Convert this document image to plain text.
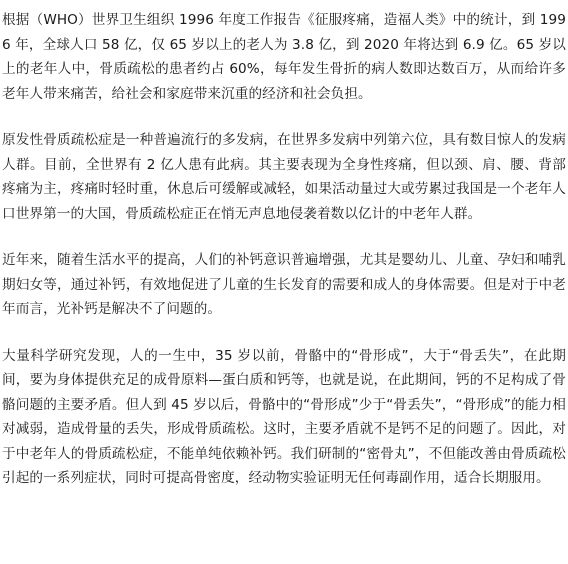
根据（WHO）世界卫生组织 1996 年度工作报告《征服疼痛，造福人类》中的统计，到 1996 年，全球人口 58 亿，仅 65 岁以上的老人为 3.8 亿，到 2020 年将达到 6.9 亿。65 岁以上的老年人中，骨质疏松的患者约占 60%，每年发生骨折的病人数即达数百万，从而给许多老年人带来痛苦，给社会和家庭带来沉重的经济和社会负担。

原发性骨质疏松症是一种普遍流行的多发病，在世界多发病中列第六位，具有数目惊人的发病人群。目前，全世界有 2 亿人患有此病。其主要表现为全身性疼痛，但以颈、肩、腰、背部疼痛为主，疼痛时轻时重，休息后可缓解或减轻，如果活动量过大或劳累过我国是一个老年人口世界第一的大国，骨质疏松症正在悄无声息地侵袭着数以亿计的中老年人群。

近年来，随着生活水平的提高，人们的补钙意识普遍增强，尤其是婴幼儿、儿童、孕妇和哺乳期妇女等，通过补钙，有效地促进了儿童的生长发育的需要和成人的身体需要。但是对于中老年而言，光补钙是解决不了问题的。

大量科学研究发现，人的一生中，35 岁以前，骨骼中的“骨形成”，大于“骨丢失”，在此期间，要为身体提供充足的成骨原料—蛋白质和钙等，也就是说，在此期间，钙的不足构成了骨骼问题的主要矛盾。但人到 45 岁以后，骨骼中的“骨形成”少于“骨丢失”，“骨形成”的能力相对减弱，造成骨量的丢失，形成骨质疏松。这时，主要矛盾就不是钙不足的问题了。因此，对于中老年人的骨质疏松症，不能单纯依赖补钙。我们研制的“密骨丸”，不但能改善由骨质疏松引起的一系列症状，同时可提高骨密度，经动物实验证明无任何毒副作用，适合长期服用。
